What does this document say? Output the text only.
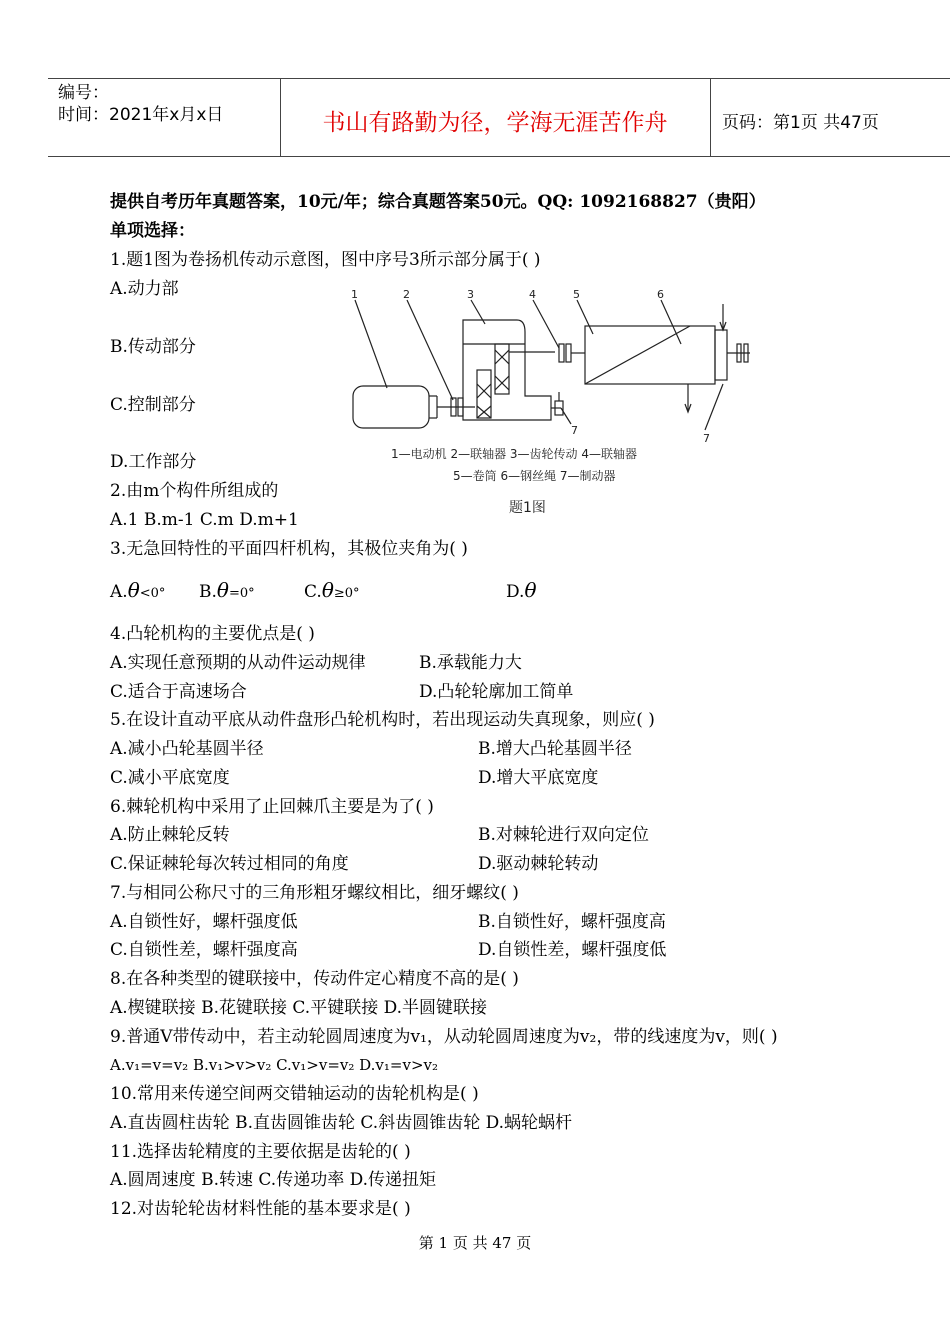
编号：
时间：2021年x月x日	书山有路勤为径，学海无涯苦作舟	页码：第1页 共47页
提供自考历年真题答案，10元/年；综合真题答案50元。QQ: 1092168827（贵阳）
单项选择：
1.题1图为卷扬机传动示意图，图中序号3所示部分属于( )
A.动力部
B.传动部分
C.控制部分
D.工作部分
2.由m个构件所组成的
A.1 B.m-1 C.m D.m+1
3.无急回特性的平面四杆机构，其极位夹角为( )
A.θ<0° B.θ=0°	C.θ≥0°	D.θ
4.凸轮机构的主要优点是( )
A.实现任意预期的从动件运动规律	B.承载能力大
C.适合于高速场合	D.凸轮轮廓加工简单
5.在设计直动平底从动件盘形凸轮机构时，若出现运动失真现象，则应( )
A.减小凸轮基圆半径	B.增大凸轮基圆半径
C.减小平底宽度	D.增大平底宽度
6.棘轮机构中采用了止回棘爪主要是为了( )
A.防止棘轮反转	B.对棘轮进行双向定位
C.保证棘轮每次转过相同的角度	D.驱动棘轮转动
7.与相同公称尺寸的三角形粗牙螺纹相比，细牙螺纹( )
A.自锁性好，螺杆强度低	B.自锁性好，螺杆强度高
C.自锁性差，螺杆强度高	D.自锁性差，螺杆强度低
8.在各种类型的键联接中，传动件定心精度不高的是( )
A.楔键联接 B.花键联接 C.平键联接 D.半圆键联接
9.普通V带传动中，若主动轮圆周速度为v₁，从动轮圆周速度为v₂，带的线速度为v，则( )
A.v₁=v=v₂ B.v₁>v>v₂ C.v₁>v=v₂ D.v₁=v>v₂
10.常用来传递空间两交错轴运动的齿轮机构是( )
A.直齿圆柱齿轮 B.直齿圆锥齿轮 C.斜齿圆锥齿轮 D.蜗轮蜗杆
11.选择齿轮精度的主要依据是齿轮的( )
A.圆周速度 B.转速 C.传递功率 D.传递扭矩
12.对齿轮轮齿材料性能的基本要求是( )
1	2	3	4	5	6
7
7
1—电动机 2—联轴器 3—齿轮传动 4—联轴器
5—卷筒 6—钢丝绳 7—制动器
题1图
第 1 页 共 47 页
